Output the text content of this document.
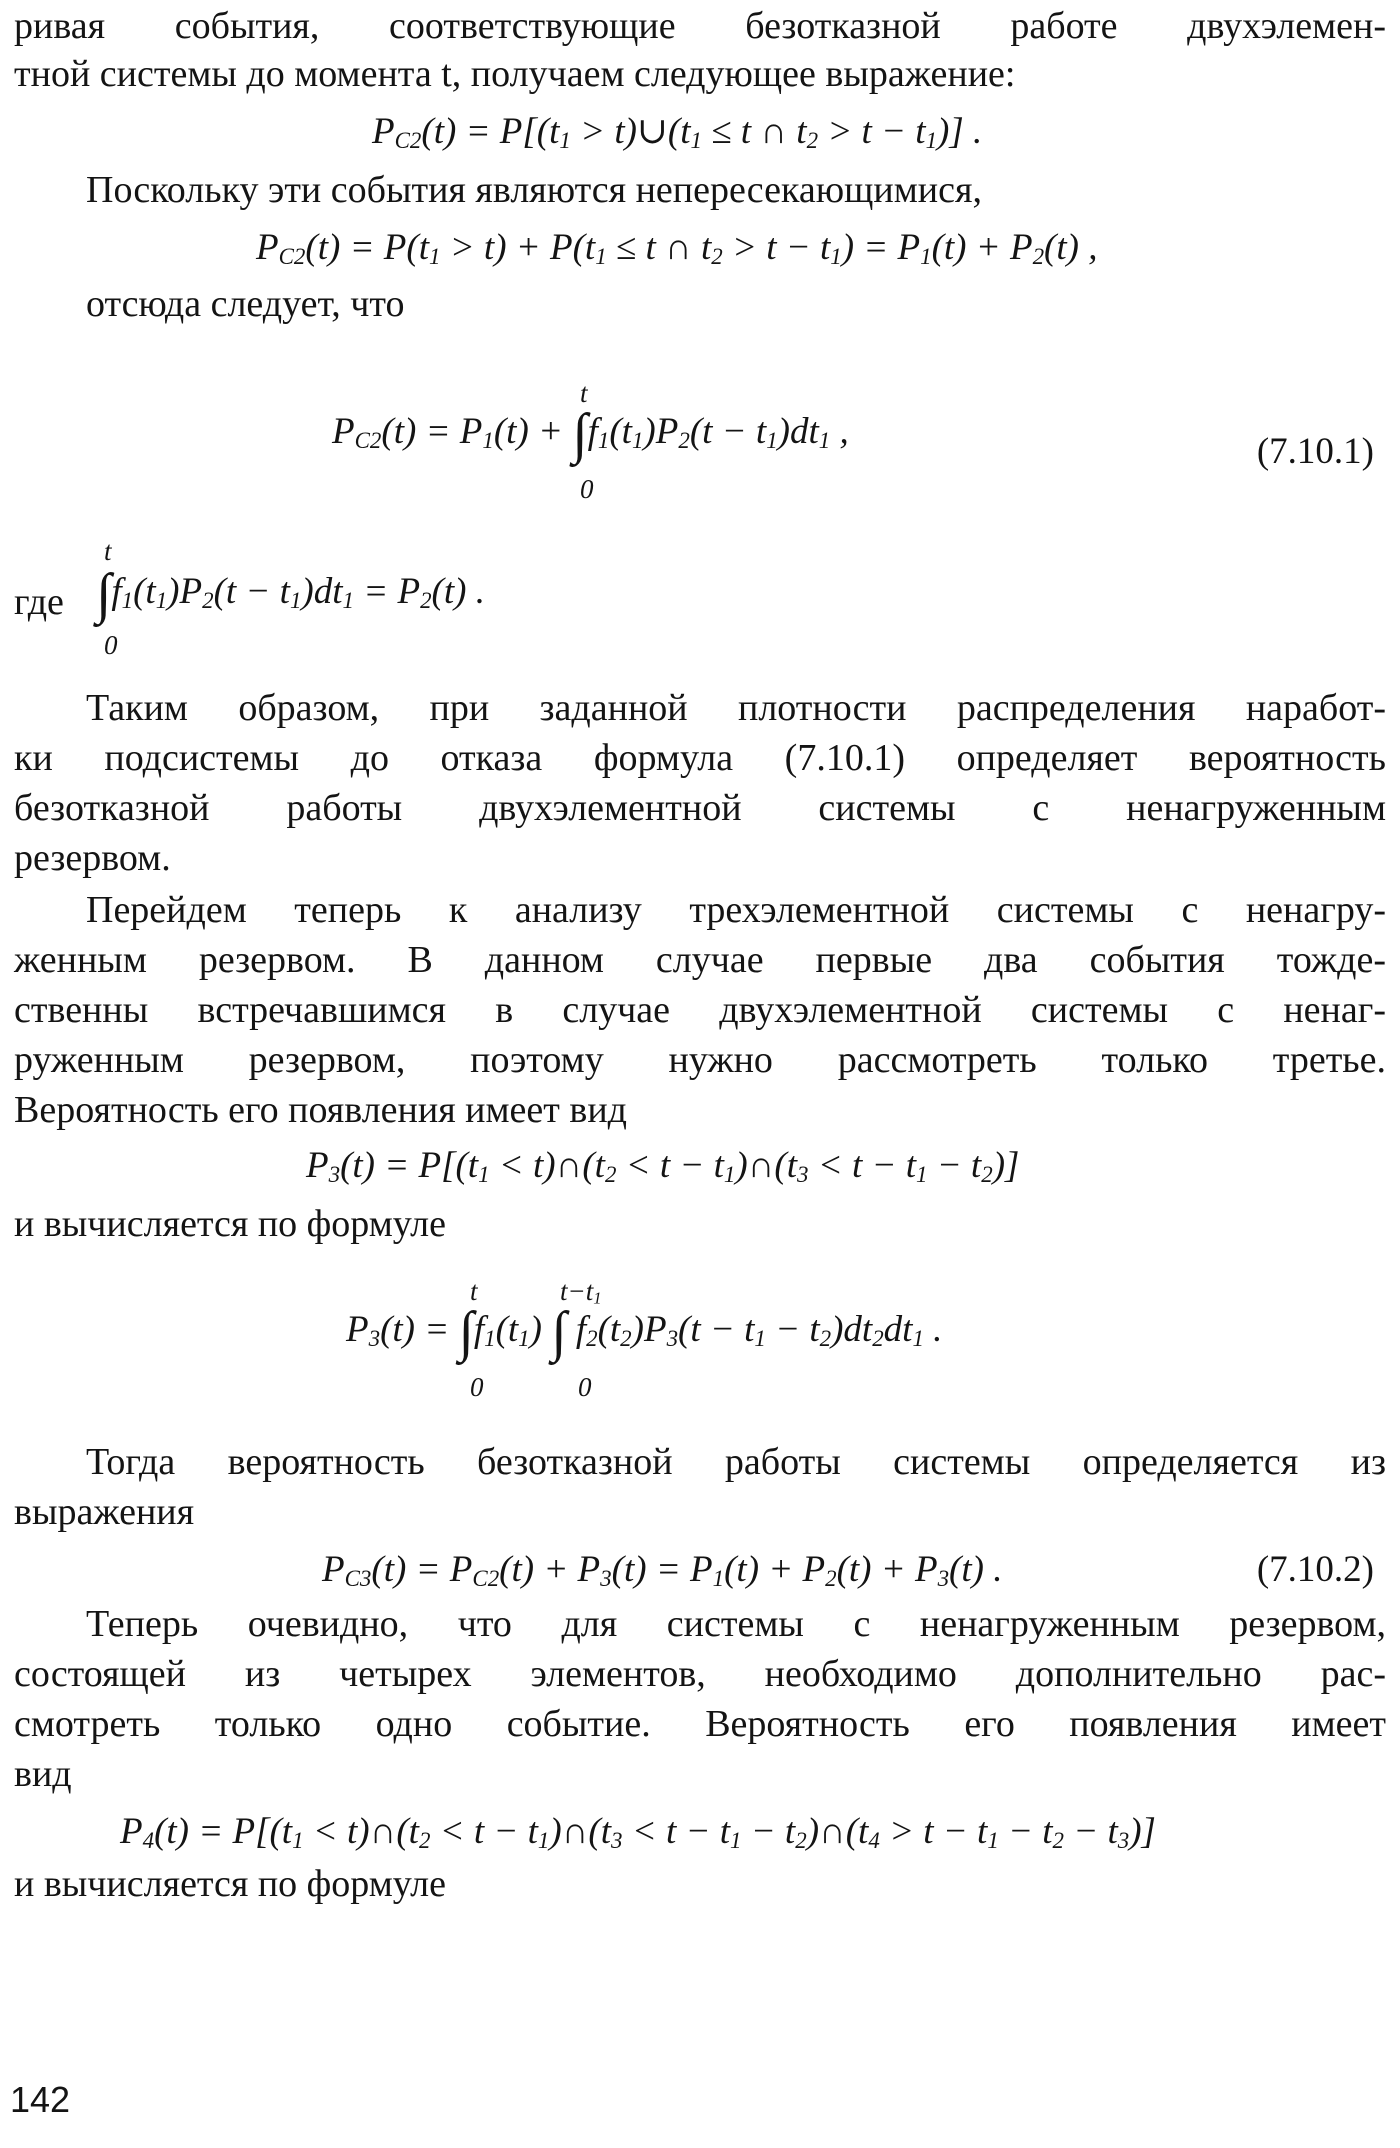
ривая события, соответствующие безотказной работе двухэлемен-
тной системы до момента t, получаем следующее выражение:
$P_{C2}(t) = P[(t_1$ > $t)\cup(t_1 \le t$ ∩ $t_2 > t - t_1$)] .
Поскольку эти события являются непересекающимися,
$P_{C2}(t) = P(t_1 > t) + P(t_1 \le t$ ∩ $t_2 > t - t_1) = P_1(t) + P_2(t)$ ,
отсюда следует, что
t
$P_{C2}(t) = P_1(t) + \int f_1(t_1)P_2(t - t_1)dt_1$ ,
0
(7.10.1)
t
где $\int f_1(t_1)P_2(t - t_1)dt_1 = P_2(t)$ .
0
Таким образом, при заданной плотности распределения наработ-
ки подсистемы до отказа формула (7.10.1) определяет вероятность
безотказной работы двухэлементной системы с ненагруженным
резервом.
Перейдем теперь к анализу трехэлементной системы с ненагру-
женным резервом. В данном случае первые два события тожде-
ственны встречавшимся в случае двухэлементной системы с ненаг-
руженным резервом, поэтому нужно рассмотреть только третье.
Вероятность его появления имеет вид
$P_3(t) = P[(t_1$ < $t)\cap(t_2 < t$ − $t_1)\cap(t_3 < t - t_1 - t_2)$]
и вычисляется по формуле
t	$t-t_1$
$P_3(t) = \int f_1(t_1)$ ∫ $f_2(t_2)P_3(t - t_1 - t_2)dt_2dt_1$ .
0	0
Тогда вероятность безотказной работы системы определяется из
выражения
$P_{C3}(t) = P_{C2}(t) + P_3(t) = P_1(t) + P_2(t) + P_3(t)$ .	(7.10.2)
Теперь очевидно, что для системы с ненагруженным резервом,
состоящей из четырех элементов, необходимо дополнительно рас-
смотреть только одно событие. Вероятность его появления имеет
вид
$P_4(t) = P[(t_1$ < $t)\cap(t_2 < t$ − $t_1)\cap(t_3 < t - t_1$ − $t_2)\cap(t_4 > t - t_1 - t_2 - t_3)$]
и вычисляется по формуле
142
